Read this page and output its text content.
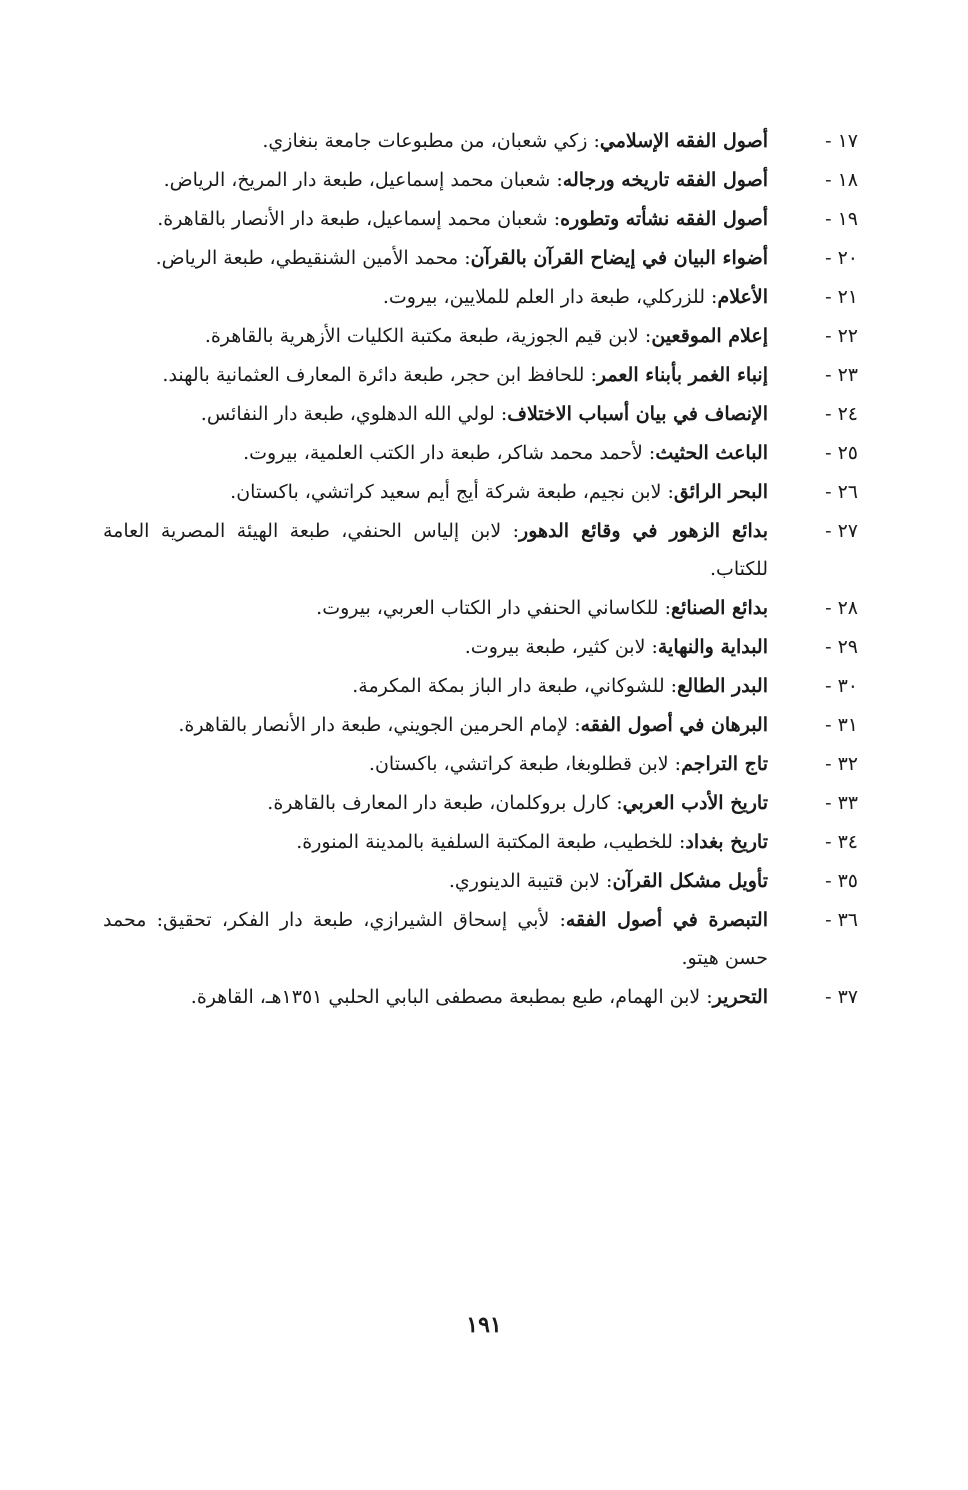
١٧ -
أصول الفقه الإسلامي: زكي شعبان، من مطبوعات جامعة بنغازي.
١٨ -
أصول الفقه تاريخه ورجاله: شعبان محمد إسماعيل، طبعة دار المريخ، الرياض.
١٩ -
أصول الفقه نشأته وتطوره: شعبان محمد إسماعيل، طبعة دار الأنصار بالقاهرة.
٢٠ -
أضواء البيان في إيضاح القرآن بالقرآن: محمد الأمين الشنقيطي، طبعة الرياض.
٢١ -
الأعلام: للزركلي، طبعة دار العلم للملايين، بيروت.
٢٢ -
إعلام الموقعين: لابن قيم الجوزية، طبعة مكتبة الكليات الأزهرية بالقاهرة.
٢٣ -
إنباء الغمر بأبناء العمر: للحافظ ابن حجر، طبعة دائرة المعارف العثمانية بالهند.
٢٤ -
الإنصاف في بيان أسباب الاختلاف: لولي الله الدهلوي، طبعة دار النفائس.
٢٥ -
الباعث الحثيث: لأحمد محمد شاكر، طبعة دار الكتب العلمية، بيروت.
٢٦ -
البحر الرائق: لابن نجيم، طبعة شركة أيج أيم سعيد كراتشي، باكستان.
٢٧ -
بدائع الزهور في وقائع الدهور: لابن إلياس الحنفي، طبعة الهيئة المصرية العامة للكتاب.
٢٨ -
بدائع الصنائع: للكاساني الحنفي دار الكتاب العربي، بيروت.
٢٩ -
البداية والنهاية: لابن كثير، طبعة بيروت.
٣٠ -
البدر الطالع: للشوكاني، طبعة دار الباز بمكة المكرمة.
٣١ -
البرهان في أصول الفقه: لإمام الحرمين الجويني، طبعة دار الأنصار بالقاهرة.
٣٢ -
تاج التراجم: لابن قطلوبغا، طبعة كراتشي، باكستان.
٣٣ -
تاريخ الأدب العربي: كارل بروكلمان، طبعة دار المعارف بالقاهرة.
٣٤ -
تاريخ بغداد: للخطيب، طبعة المكتبة السلفية بالمدينة المنورة.
٣٥ -
تأويل مشكل القرآن: لابن قتيبة الدينوري.
٣٦ -
التبصرة في أصول الفقه: لأبي إسحاق الشيرازي، طبعة دار الفكر، تحقيق: محمد حسن هيتو.
٣٧ -
التحرير: لابن الهمام، طبع بمطبعة مصطفى البابي الحلبي ١٣٥١هـ، القاهرة.
١٩١
